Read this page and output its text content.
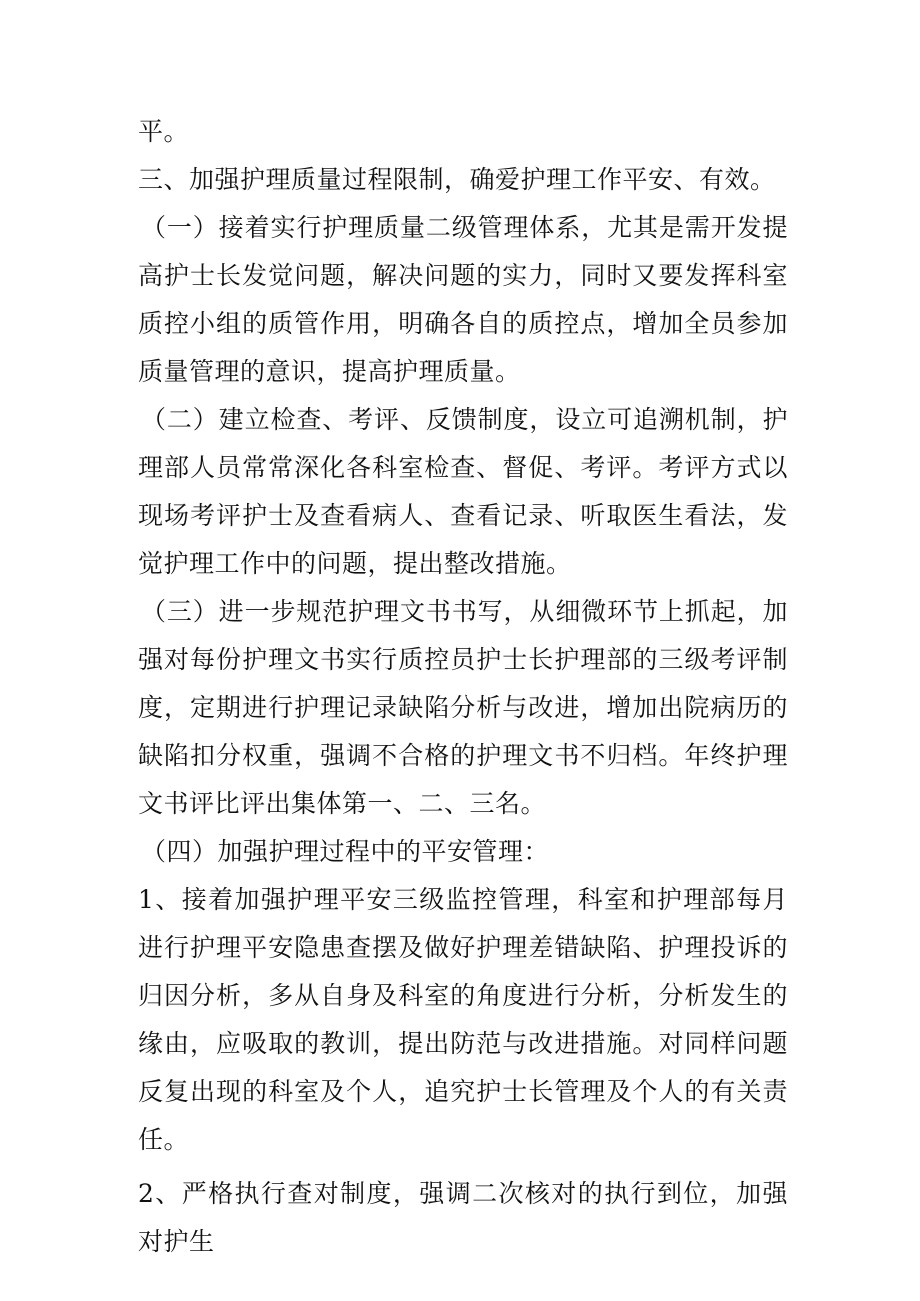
平。

三、加强护理质量过程限制，确爱护理工作平安、有效。

（一）接着实行护理质量二级管理体系，尤其是需开发提高护士长发觉问题，解决问题的实力，同时又要发挥科室质控小组的质管作用，明确各自的质控点，增加全员参加质量管理的意识，提高护理质量。

（二）建立检查、考评、反馈制度，设立可追溯机制，护理部人员常常深化各科室检查、督促、考评。考评方式以现场考评护士及查看病人、查看记录、听取医生看法，发觉护理工作中的问题，提出整改措施。

（三）进一步规范护理文书书写，从细微环节上抓起，加强对每份护理文书实行质控员护士长护理部的三级考评制度，定期进行护理记录缺陷分析与改进，增加出院病历的缺陷扣分权重，强调不合格的护理文书不归档。年终护理文书评比评出集体第一、二、三名。

（四）加强护理过程中的平安管理：

1、接着加强护理平安三级监控管理，科室和护理部每月进行护理平安隐患查摆及做好护理差错缺陷、护理投诉的归因分析，多从自身及科室的角度进行分析，分析发生的缘由，应吸取的教训，提出防范与改进措施。对同样问题反复出现的科室及个人，追究护士长管理及个人的有关责任。

2、严格执行查对制度，强调二次核对的执行到位，加强对护生
